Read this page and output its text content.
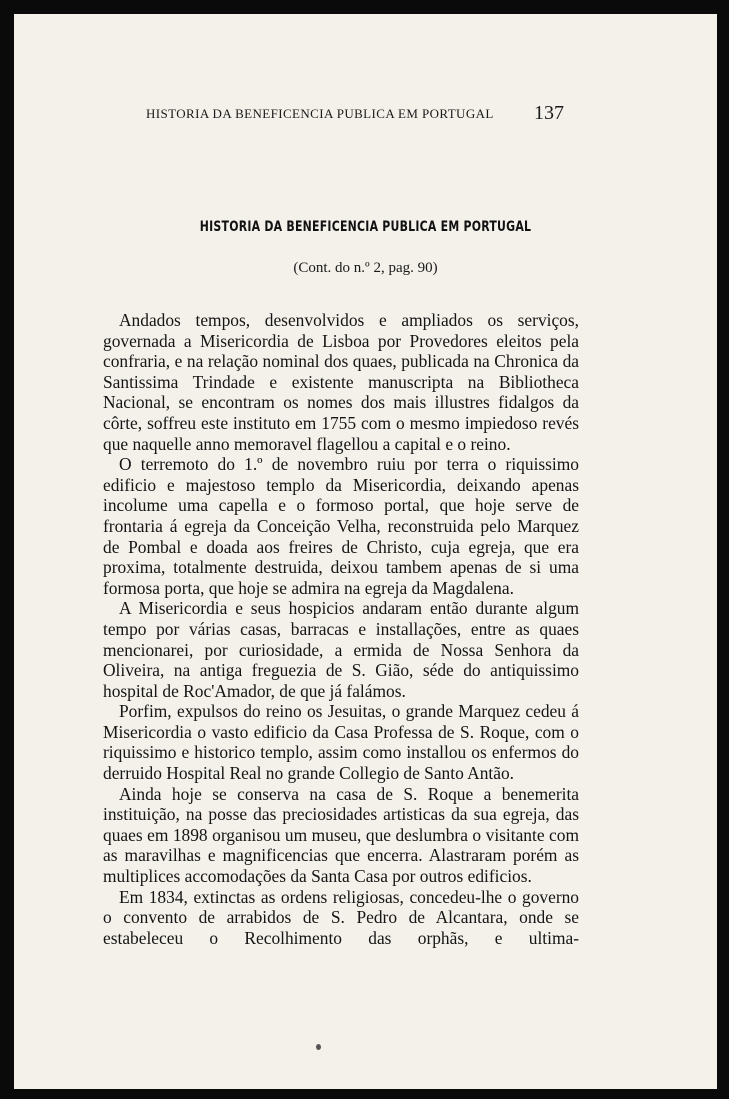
HISTORIA DA BENEFICENCIA PUBLICA EM PORTUGAL 137
HISTORIA DA BENEFICENCIA PUBLICA EM PORTUGAL
(Cont. do n.º 2, pag. 90)

Andados tempos, desenvolvidos e ampliados os serviços, governada a Misericordia de Lisboa por Provedores eleitos pela confraria, e na relação nominal dos quaes, publicada na Chronica da Santissima Trindade e existente manuscripta na Bibliotheca Nacional, se encontram os nomes dos mais illustres fidalgos da côrte, soffreu este instituto em 1755 com o mesmo impiedoso revés que naquelle anno memoravel flagellou a capital e o reino.

O terremoto do 1.º de novembro ruiu por terra o riquissimo edificio e majestoso templo da Misericordia, deixando apenas incolume uma capella e o formoso portal, que hoje serve de frontaria á egreja da Conceição Velha, reconstruida pelo Marquez de Pombal e doada aos freires de Christo, cuja egreja, que era proxima, totalmente destruida, deixou tambem apenas de si uma formosa porta, que hoje se admira na egreja da Magdalena.

A Misericordia e seus hospicios andaram então durante algum tempo por várias casas, barracas e installações, entre as quaes mencionarei, por curiosidade, a ermida de Nossa Senhora da Oliveira, na antiga freguezia de S. Gião, séde do antiquissimo hospital de Roc'Amador, de que já falámos.

Porfim, expulsos do reino os Jesuitas, o grande Marquez cedeu á Misericordia o vasto edificio da Casa Professa de S. Roque, com o riquissimo e historico templo, assim como installou os enfermos do derruido Hospital Real no grande Collegio de Santo Antão.

Ainda hoje se conserva na casa de S. Roque a benemerita instituição, na posse das preciosidades artisticas da sua egreja, das quaes em 1898 organisou um museu, que deslumbra o visitante com as maravilhas e magnificencias que encerra. Alastraram porém as multiplices accomodações da Santa Casa por outros edificios.

Em 1834, extinctas as ordens religiosas, concedeu-lhe o governo o convento de arrabidos de S. Pedro de Alcantara, onde se estabeleceu o Recolhimento das orphãs, e ultima-
